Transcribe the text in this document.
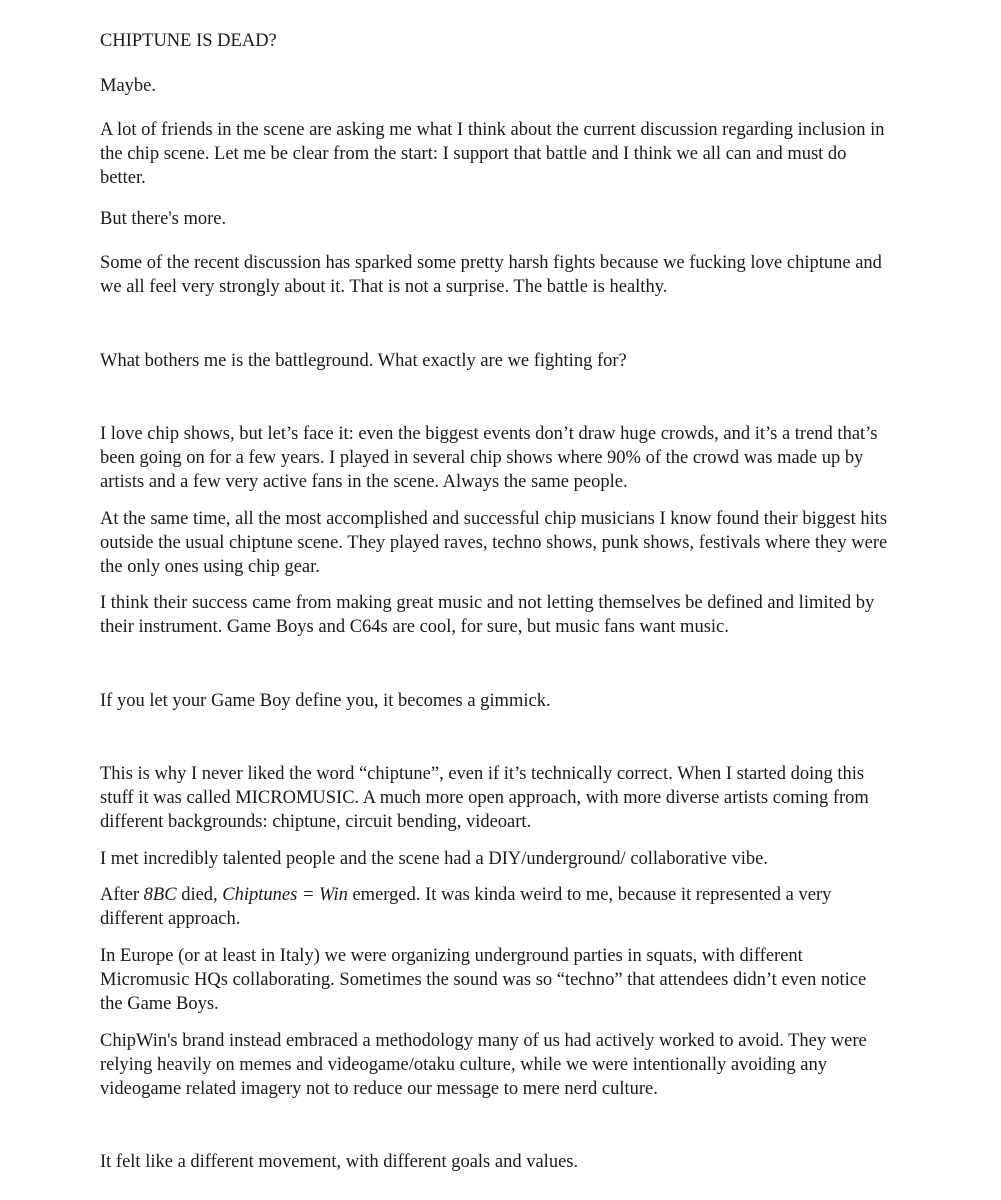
CHIPTUNE IS DEAD?

Maybe.

A lot of friends in the scene are asking me what I think about the current discussion regarding inclusion in the chip scene. Let me be clear from the start: I support that battle and I think we all can and must do better.

But there's more.

Some of the recent discussion has sparked some pretty harsh fights because we fucking love chiptune and we all feel very strongly about it. That is not a surprise. The battle is healthy.

What bothers me is the battleground. What exactly are we fighting for?

I love chip shows, but let’s face it: even the biggest events don’t draw huge crowds, and it’s a trend that’s been going on for a few years. I played in several chip shows where 90% of the crowd was made up by artists and a few very active fans in the scene. Always the same people.

At the same time, all the most accomplished and successful chip musicians I know found their biggest hits outside the usual chiptune scene. They played raves, techno shows, punk shows, festivals where they were the only ones using chip gear.

I think their success came from making great music and not letting themselves be defined and limited by their instrument. Game Boys and C64s are cool, for sure, but music fans want music.

If you let your Game Boy define you, it becomes a gimmick.

This is why I never liked the word “chiptune”, even if it’s technically correct. When I started doing this stuff it was called MICROMUSIC. A much more open approach, with more diverse artists coming from different backgrounds: chiptune, circuit bending, videoart.

I met incredibly talented people and the scene had a DIY/underground/ collaborative vibe.

After 8BC died, Chiptunes = Win emerged. It was kinda weird to me, because it represented a very different approach.

In Europe (or at least in Italy) we were organizing underground parties in squats, with different Micromusic HQs collaborating. Sometimes the sound was so “techno” that attendees didn’t even notice the Game Boys.

ChipWin's brand instead embraced a methodology many of us had actively worked to avoid. They were relying heavily on memes and videogame/otaku culture, while we were intentionally avoiding any videogame related imagery not to reduce our message to mere nerd culture.

It felt like a different movement, with different goals and values.
